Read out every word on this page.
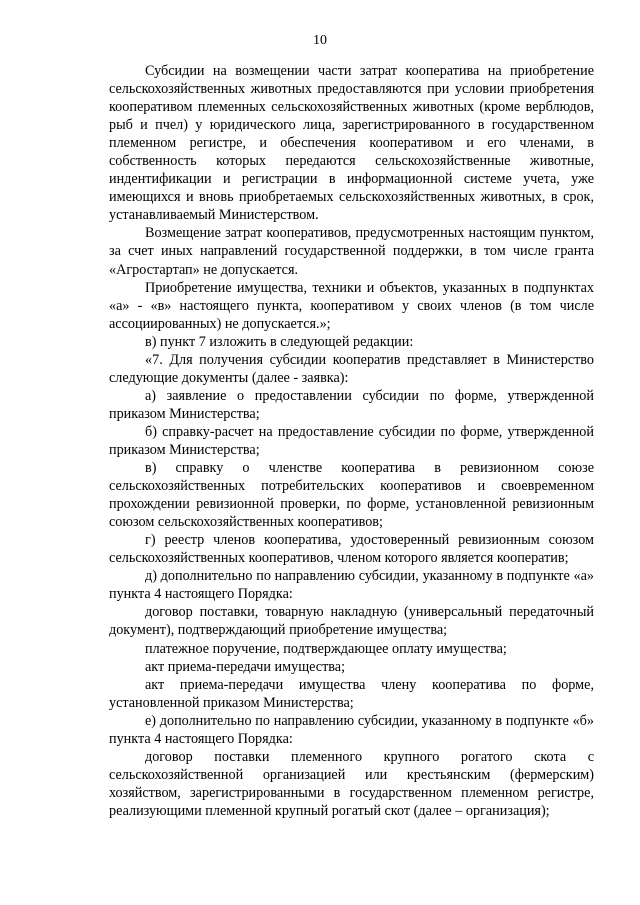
10

Субсидии на возмещении части затрат кооператива на приобретение сельскохозяйственных животных предоставляются при условии приобретения кооперативом племенных сельскохозяйственных животных (кроме верблюдов, рыб и пчел) у юридического лица, зарегистрированного в государственном племенном регистре, и обеспечения кооперативом и его членами, в собственность которых передаются сельскохозяйственные животные, индентификации и регистрации в информационной системе учета, уже имеющихся и вновь приобретаемых сельскохозяйственных животных, в срок, устанавливаемый Министерством.

Возмещение затрат кооперативов, предусмотренных настоящим пунктом, за счет иных направлений государственной поддержки, в том числе гранта «Агростартап» не допускается.

Приобретение имущества, техники и объектов, указанных в подпунктах «а» - «в» настоящего пункта, кооперативом у своих членов (в том числе ассоциированных) не допускается.»;

в) пункт 7 изложить в следующей редакции:

«7. Для получения субсидии кооператив представляет в Министерство следующие документы (далее - заявка):

а) заявление о предоставлении субсидии по форме, утвержденной приказом Министерства;

б) справку-расчет на предоставление субсидии по форме, утвержденной приказом Министерства;

в) справку о членстве кооператива в ревизионном союзе сельскохозяйственных потребительских кооперативов и своевременном прохождении ревизионной проверки, по форме, установленной ревизионным союзом сельскохозяйственных кооперативов;

г) реестр членов кооператива, удостоверенный ревизионным союзом сельскохозяйственных кооперативов, членом которого является кооператив;

д) дополнительно по направлению субсидии, указанному в подпункте «а» пункта 4 настоящего Порядка:

договор поставки, товарную накладную (универсальный передаточный документ), подтверждающий приобретение имущества;

платежное поручение, подтверждающее оплату имущества;

акт приема-передачи имущества;

акт приема-передачи имущества члену кооператива по форме, установленной приказом Министерства;

е) дополнительно по направлению субсидии, указанному в подпункте «б» пункта 4 настоящего Порядка:

договор поставки племенного крупного рогатого скота с сельскохозяйственной организацией или крестьянским (фермерским) хозяйством, зарегистрированными в государственном племенном регистре, реализующими племенной крупный рогатый скот (далее – организация);
